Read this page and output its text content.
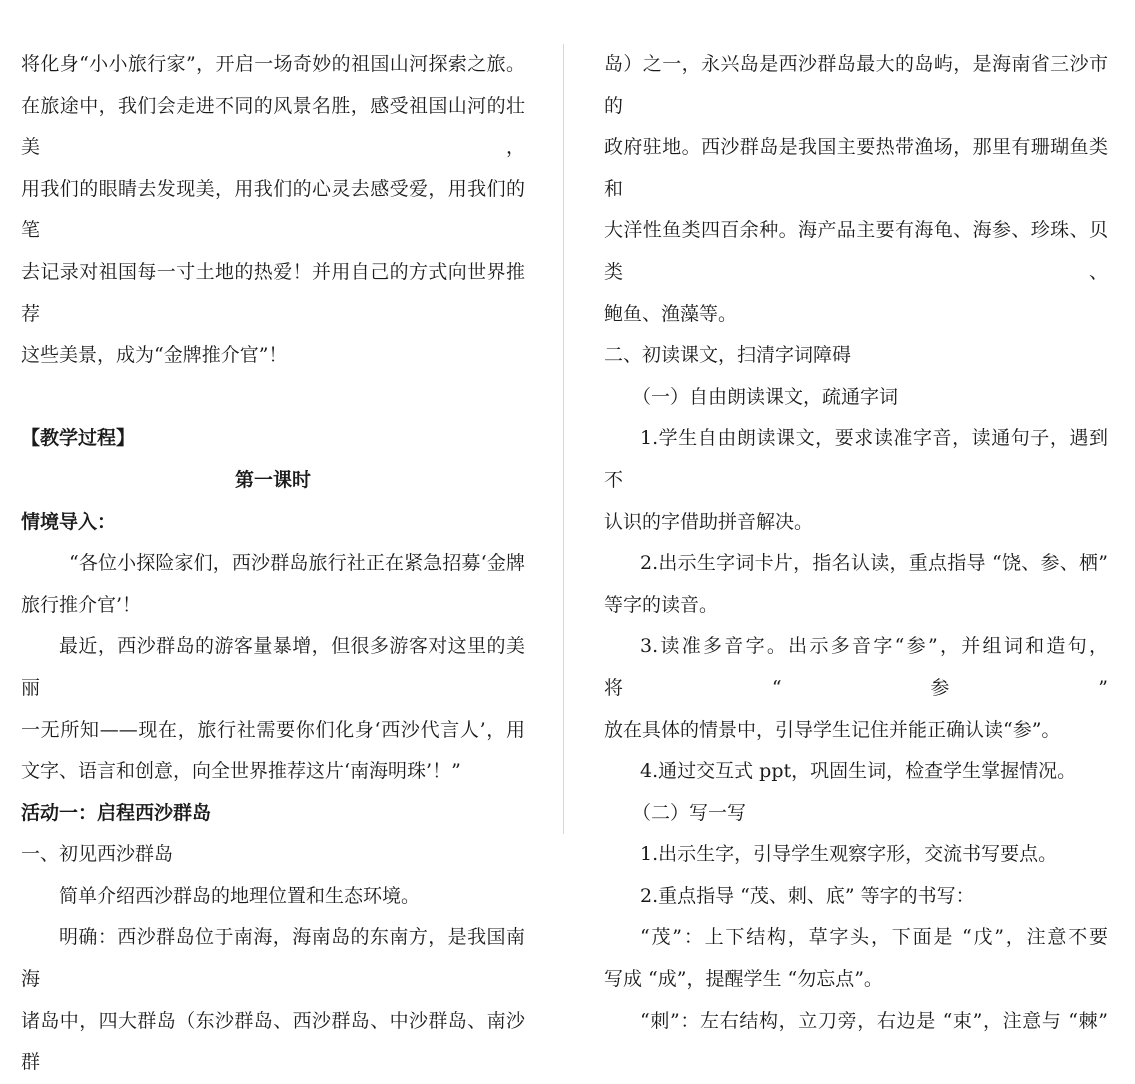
将化身“小小旅行家”，开启一场奇妙的祖国山河探索之旅。

在旅途中，我们会走进不同的风景名胜，感受祖国山河的壮美，

用我们的眼睛去发现美，用我们的心灵去感受爱，用我们的笔

去记录对祖国每一寸土地的热爱！并用自己的方式向世界推荐

这些美景，成为“金牌推介官”！

【教学过程】

第一课时

情境导入：

“各位小探险家们，西沙群岛旅行社正在紧急招募‘金牌

旅行推介官’！

最近，西沙群岛的游客量暴增，但很多游客对这里的美丽

一无所知——现在，旅行社需要你们化身‘西沙代言人’，用

文字、语言和创意，向全世界推荐这片‘南海明珠’！”

活动一：启程西沙群岛

一、初见西沙群岛

简单介绍西沙群岛的地理位置和生态环境。

明确：西沙群岛位于南海，海南岛的东南方，是我国南海

诸岛中，四大群岛（东沙群岛、西沙群岛、中沙群岛、南沙群

岛）之一，永兴岛是西沙群岛最大的岛屿，是海南省三沙市的

政府驻地。西沙群岛是我国主要热带渔场，那里有珊瑚鱼类和

大洋性鱼类四百余种。海产品主要有海龟、海参、珍珠、贝类、

鲍鱼、渔藻等。

二、初读课文，扫清字词障碍

（一）自由朗读课文，疏通字词

1.学生自由朗读课文，要求读准字音，读通句子，遇到不

认识的字借助拼音解决。

2.出示生字词卡片，指名认读，重点指导 “饶、参、栖”

等字的读音。

3.读准多音字。出示多音字“参”，并组词和造句，将“参”

放在具体的情景中，引导学生记住并能正确认读“参”。

4.通过交互式 ppt，巩固生词，检查学生掌握情况。

（二）写一写

1.出示生字，引导学生观察字形，交流书写要点。

2.重点指导 “茂、刺、底” 等字的书写：

“茂”：上下结构，草字头，下面是 “戊”，注意不要

写成 “成”，提醒学生 “勿忘点”。

“刺”：左右结构，立刀旁，右边是 “束”，注意与 “棘”
